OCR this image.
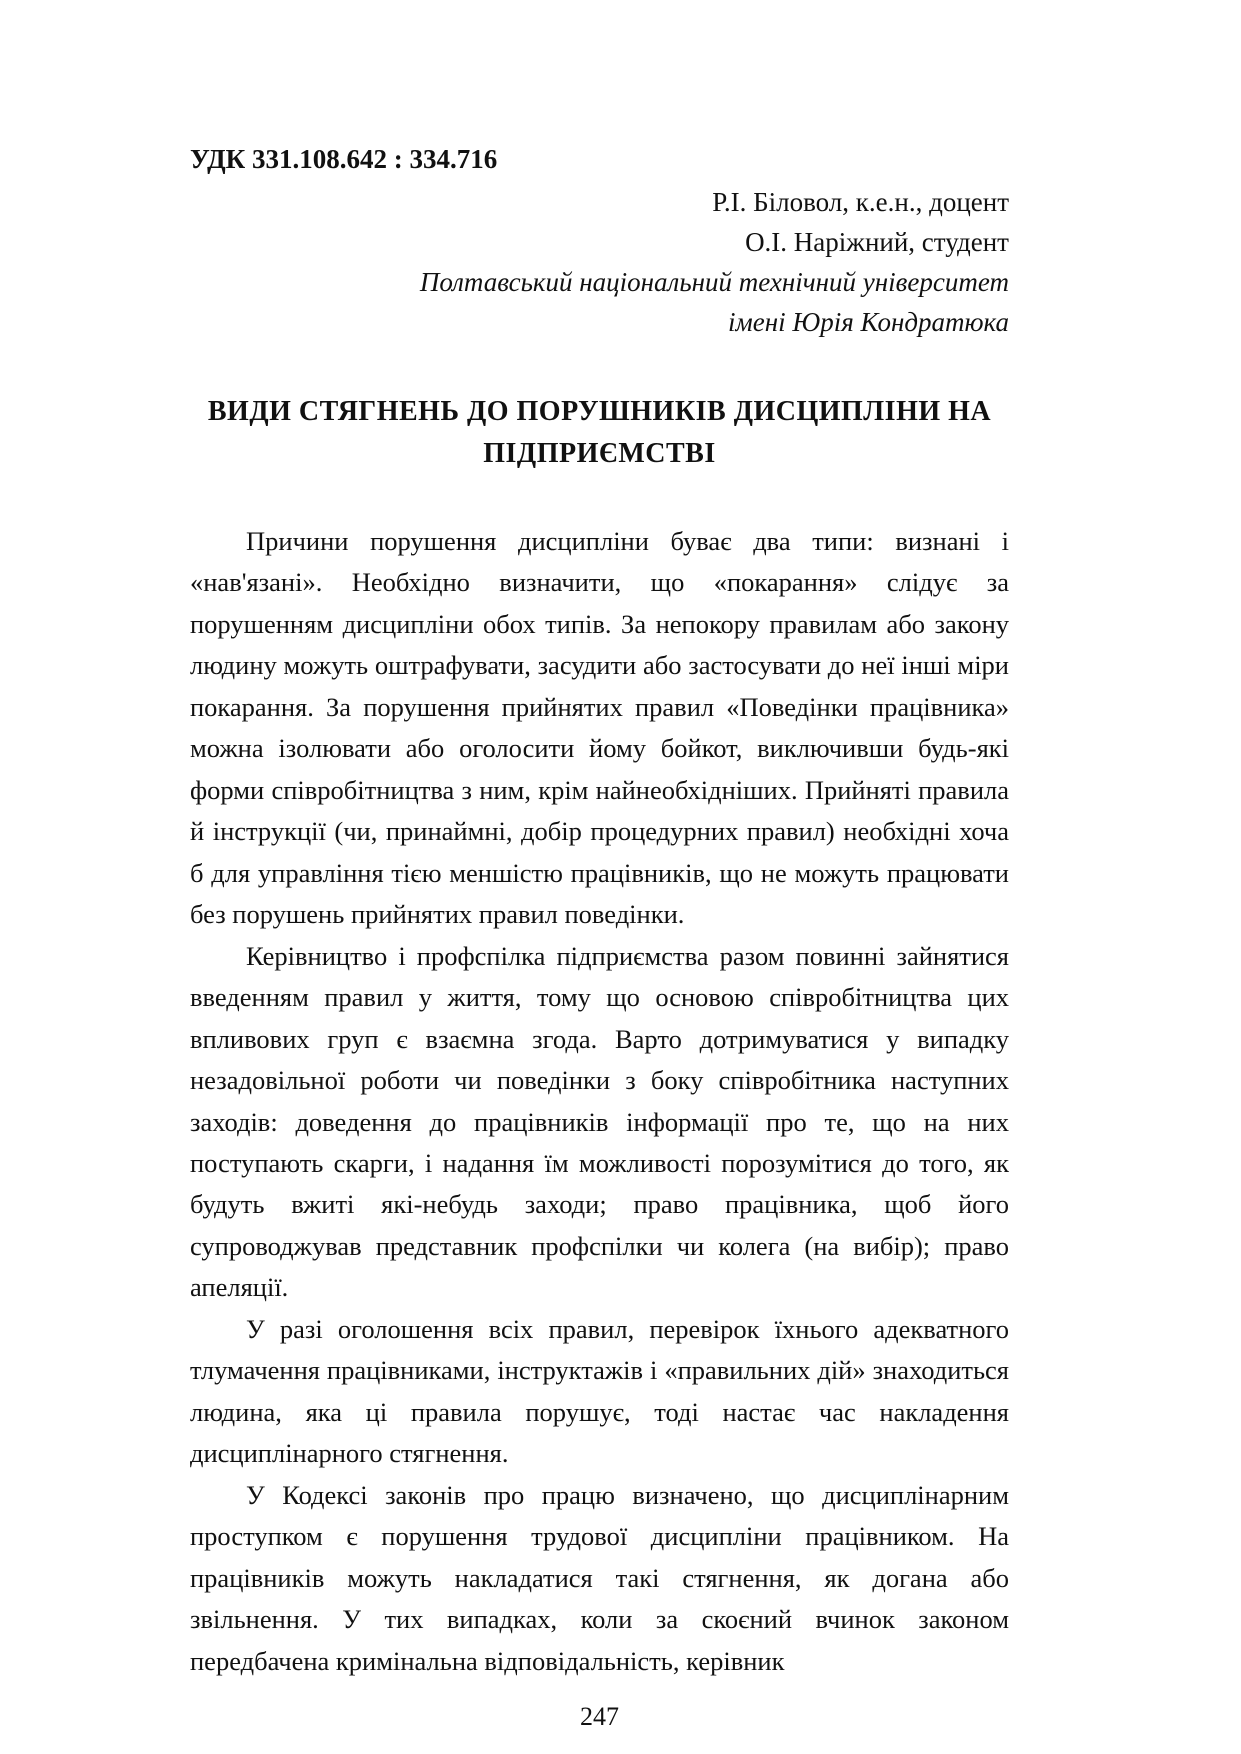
УДК 331.108.642 : 334.716
Р.І. Біловол, к.е.н., доцент
О.І. Наріжний, студент
Полтавський національний технічний університет
імені Юрія Кондратюка
ВИДИ СТЯГНЕНЬ ДО ПОРУШНИКІВ ДИСЦИПЛІНИ НА ПІДПРИЄМСТВІ

Причини порушення дисципліни буває два типи: визнані і «нав'язані». Необхідно визначити, що «покарання» слідує за порушенням дисципліни обох типів. За непокору правилам або закону людину можуть оштрафувати, засудити або застосувати до неї інші міри покарання. За порушення прийнятих правил «Поведінки працівника» можна ізолювати або оголосити йому бойкот, виключивши будь-які форми співробітництва з ним, крім найнеобхідніших. Прийняті правила й інструкції (чи, принаймні, добір процедурних правил) необхідні хоча б для управління тією меншістю працівників, що не можуть працювати без порушень прийнятих правил поведінки.

Керівництво і профспілка підприємства разом повинні зайнятися введенням правил у життя, тому що основою співробітництва цих впливових груп є взаємна згода. Варто дотримуватися у випадку незадовільної роботи чи поведінки з боку співробітника наступних заходів: доведення до працівників інформації про те, що на них поступають скарги, і надання їм можливості порозумітися до того, як будуть вжиті які-небудь заходи; право працівника, щоб його супроводжував представник профспілки чи колега (на вибір); право апеляції.

У разі оголошення всіх правил, перевірок їхнього адекватного тлумачення працівниками, інструктажів і «правильних дій» знаходиться людина, яка ці правила порушує, тоді настає час накладення дисциплінарного стягнення.

У Кодексі законів про працю визначено, що дисциплінарним проступком є порушення трудової дисципліни працівником. На працівників можуть накладатися такі стягнення, як догана або звільнення. У тих випадках, коли за скоєний вчинок законом передбачена кримінальна відповідальність, керівник

247
